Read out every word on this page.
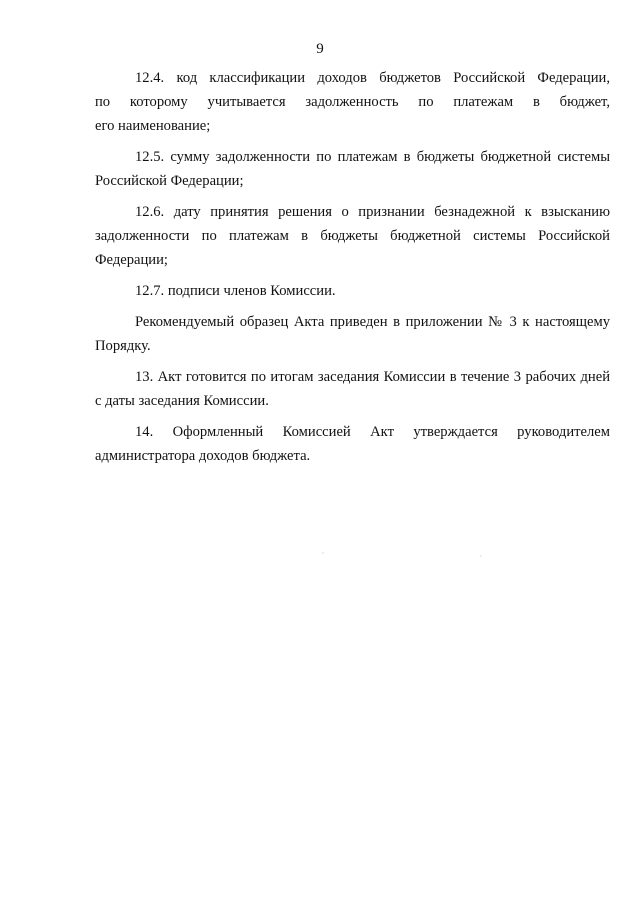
9

12.4. код классификации доходов бюджетов Российской Федерации,
по которому учитывается задолженность по платежам в бюджет,
его наименование;

12.5. сумму задолженности по платежам в бюджеты бюджетной системы
Российской Федерации;

12.6. дату принятия решения о признании безнадежной к взысканию
задолженности по платежам в бюджеты бюджетной системы Российской
Федерации;

12.7. подписи членов Комиссии.

Рекомендуемый образец Акта приведен в приложении № 3 к настоящему
Порядку.

13. Акт готовится по итогам заседания Комиссии в течение 3 рабочих дней
с даты заседания Комиссии.

14. Оформленный Комиссией Акт утверждается руководителем
администратора доходов бюджета.
